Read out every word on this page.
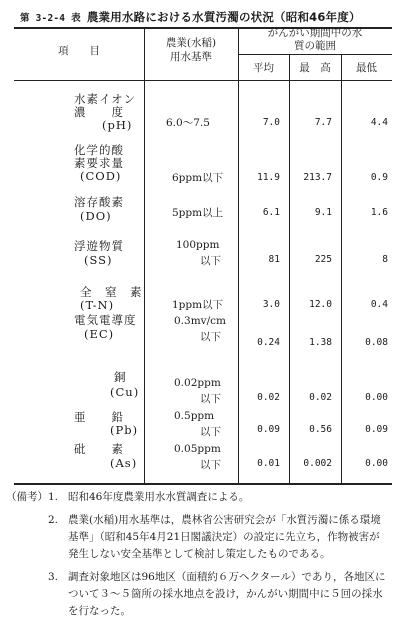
第 3-2-4 表 農業用水路における水質汚濁の状況（昭和46年度）
項　　目
農業(水稲)
用水基準
がんがい期間中の水
質の範囲
平均	最　高	最低
水素イオン
濃　　度
(pH)	6.0～7.5	7.0	7.7	4.4
化学的酸
素要求量
(COD)	6ppm以下	11.9	213.7	0.9
溶存酸素
(DO)	5ppm以上	6.1	9.1	1.6
浮遊物質
(SS)
100ppm
以下	81	225	8
全　窒　素
(T-N)	1ppm以下	3.0	12.0	0.4
電気電導度
(EC)
0.3mv/cm
以下	0.24	1.38	0.08
銅
(Cu)
0.02ppm
以下	0.02	0.02	0.00
亜　　鉛
(Pb)
0.5ppm
以下	0.09	0.56	0.09
砒　　素
(As)
0.05ppm
以下	0.01	0.002	0.00
（備考） 1. 昭和46年度農業用水水質調査による。
2. 農業(水稲)用水基準は，農林省公害研究会が「水質汚濁に係る環境
基準」（昭和45年4月21日閣議決定）の設定に先立ち，作物被害が
発生しない安全基準として検討し策定したものである。
3. 調査対象地区は96地区（面積約６万ヘクタール）であり，各地区に
ついて３～５箇所の採水地点を設け，かんがい期間中に５回の採水
を行なった。
